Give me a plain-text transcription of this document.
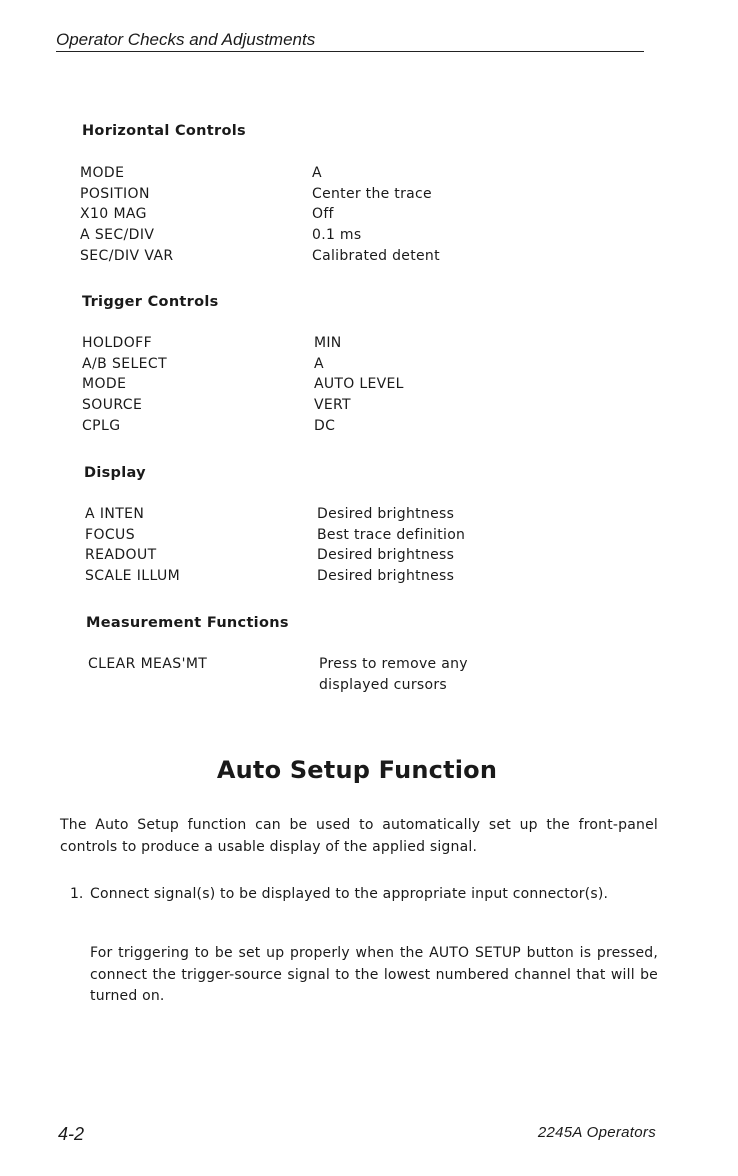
Operator Checks and Adjustments
Horizontal Controls
MODE	A
POSITION	Center the trace
X10 MAG	Off
A SEC/DIV	0.1 ms
SEC/DIV VAR	Calibrated detent
Trigger Controls
HOLDOFF	MIN
A/B SELECT	A
MODE	AUTO LEVEL
SOURCE	VERT
CPLG	DC
Display
A INTEN	Desired brightness
FOCUS	Best trace definition
READOUT	Desired brightness
SCALE ILLUM	Desired brightness
Measurement Functions
CLEAR MEAS'MT	Press to remove any displayed cursors
Auto Setup Function
The Auto Setup function can be used to automatically set up the front-panel controls to produce a usable display of the applied signal.
1. Connect signal(s) to be displayed to the appropriate input connector(s).
For triggering to be set up properly when the AUTO SETUP button is pressed, connect the trigger-source signal to the lowest numbered channel that will be turned on.
4-2	2245A Operators
